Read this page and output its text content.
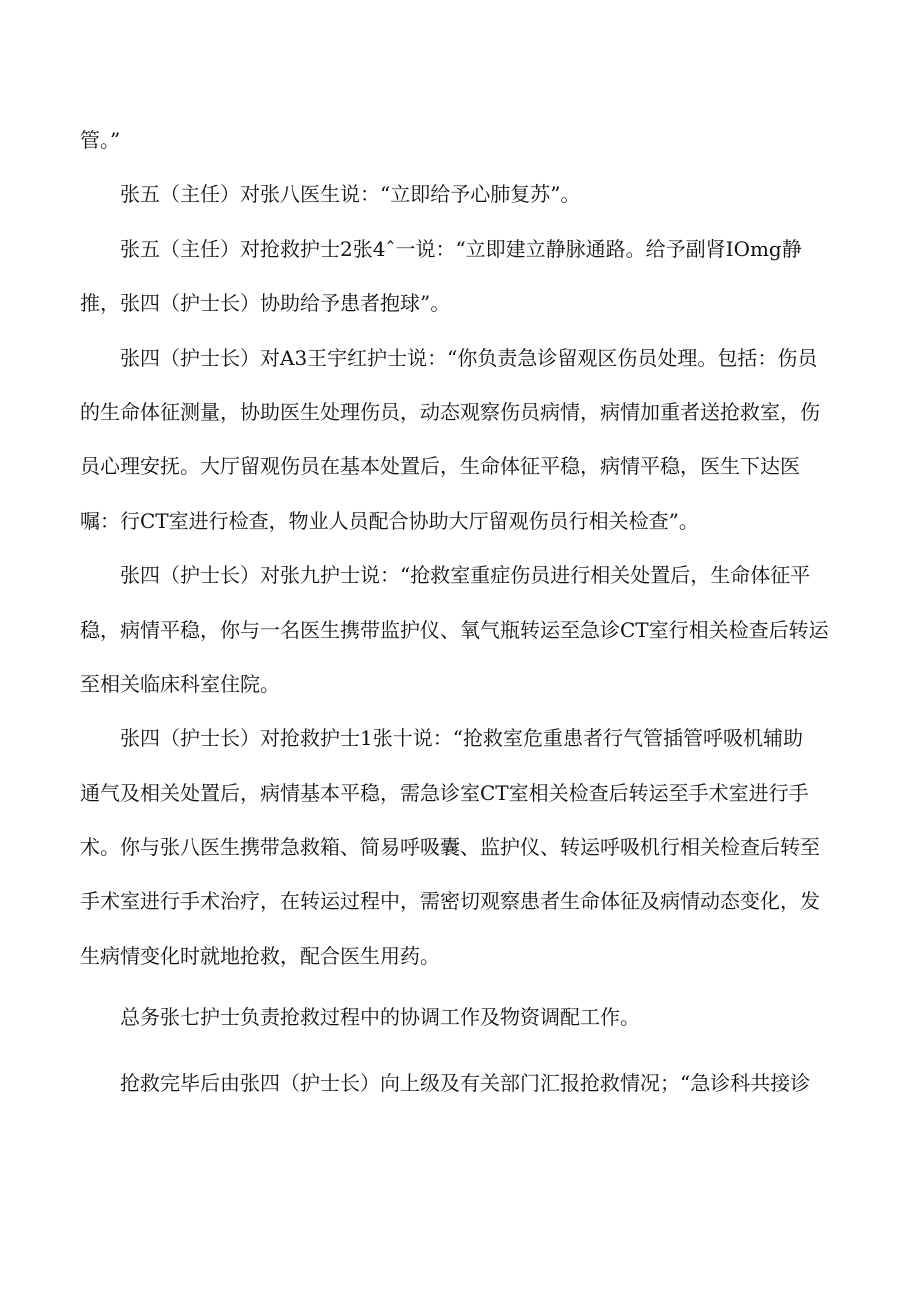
管。”
张五（主任）对张八医生说：“立即给予心肺复苏”。
张五（主任）对抢救护士2张4ˆ一说：“立即建立静脉通路。给予副肾IOmg静
推，张四（护士长）协助给予患者抱球”。
张四（护士长）对A3王宇红护士说：“你负责急诊留观区伤员处理。包括：伤员
的生命体征测量，协助医生处理伤员，动态观察伤员病情，病情加重者送抢救室，伤
员心理安抚。大厅留观伤员在基本处置后，生命体征平稳，病情平稳，医生下达医
嘱：行CT室进行检查，物业人员配合协助大厅留观伤员行相关检查”。
张四（护士长）对张九护士说：“抢救室重症伤员进行相关处置后，生命体征平
稳，病情平稳，你与一名医生携带监护仪、氧气瓶转运至急诊CT室行相关检查后转运
至相关临床科室住院。
张四（护士长）对抢救护士1张十说：“抢救室危重患者行气管插管呼吸机辅助
通气及相关处置后，病情基本平稳，需急诊室CT室相关检查后转运至手术室进行手
术。你与张八医生携带急救箱、简易呼吸囊、监护仪、转运呼吸机行相关检查后转至
手术室进行手术治疗，在转运过程中，需密切观察患者生命体征及病情动态变化，发
生病情变化时就地抢救，配合医生用药。
总务张七护士负责抢救过程中的协调工作及物资调配工作。
抢救完毕后由张四（护士长）向上级及有关部门汇报抢救情况；“急诊科共接诊
